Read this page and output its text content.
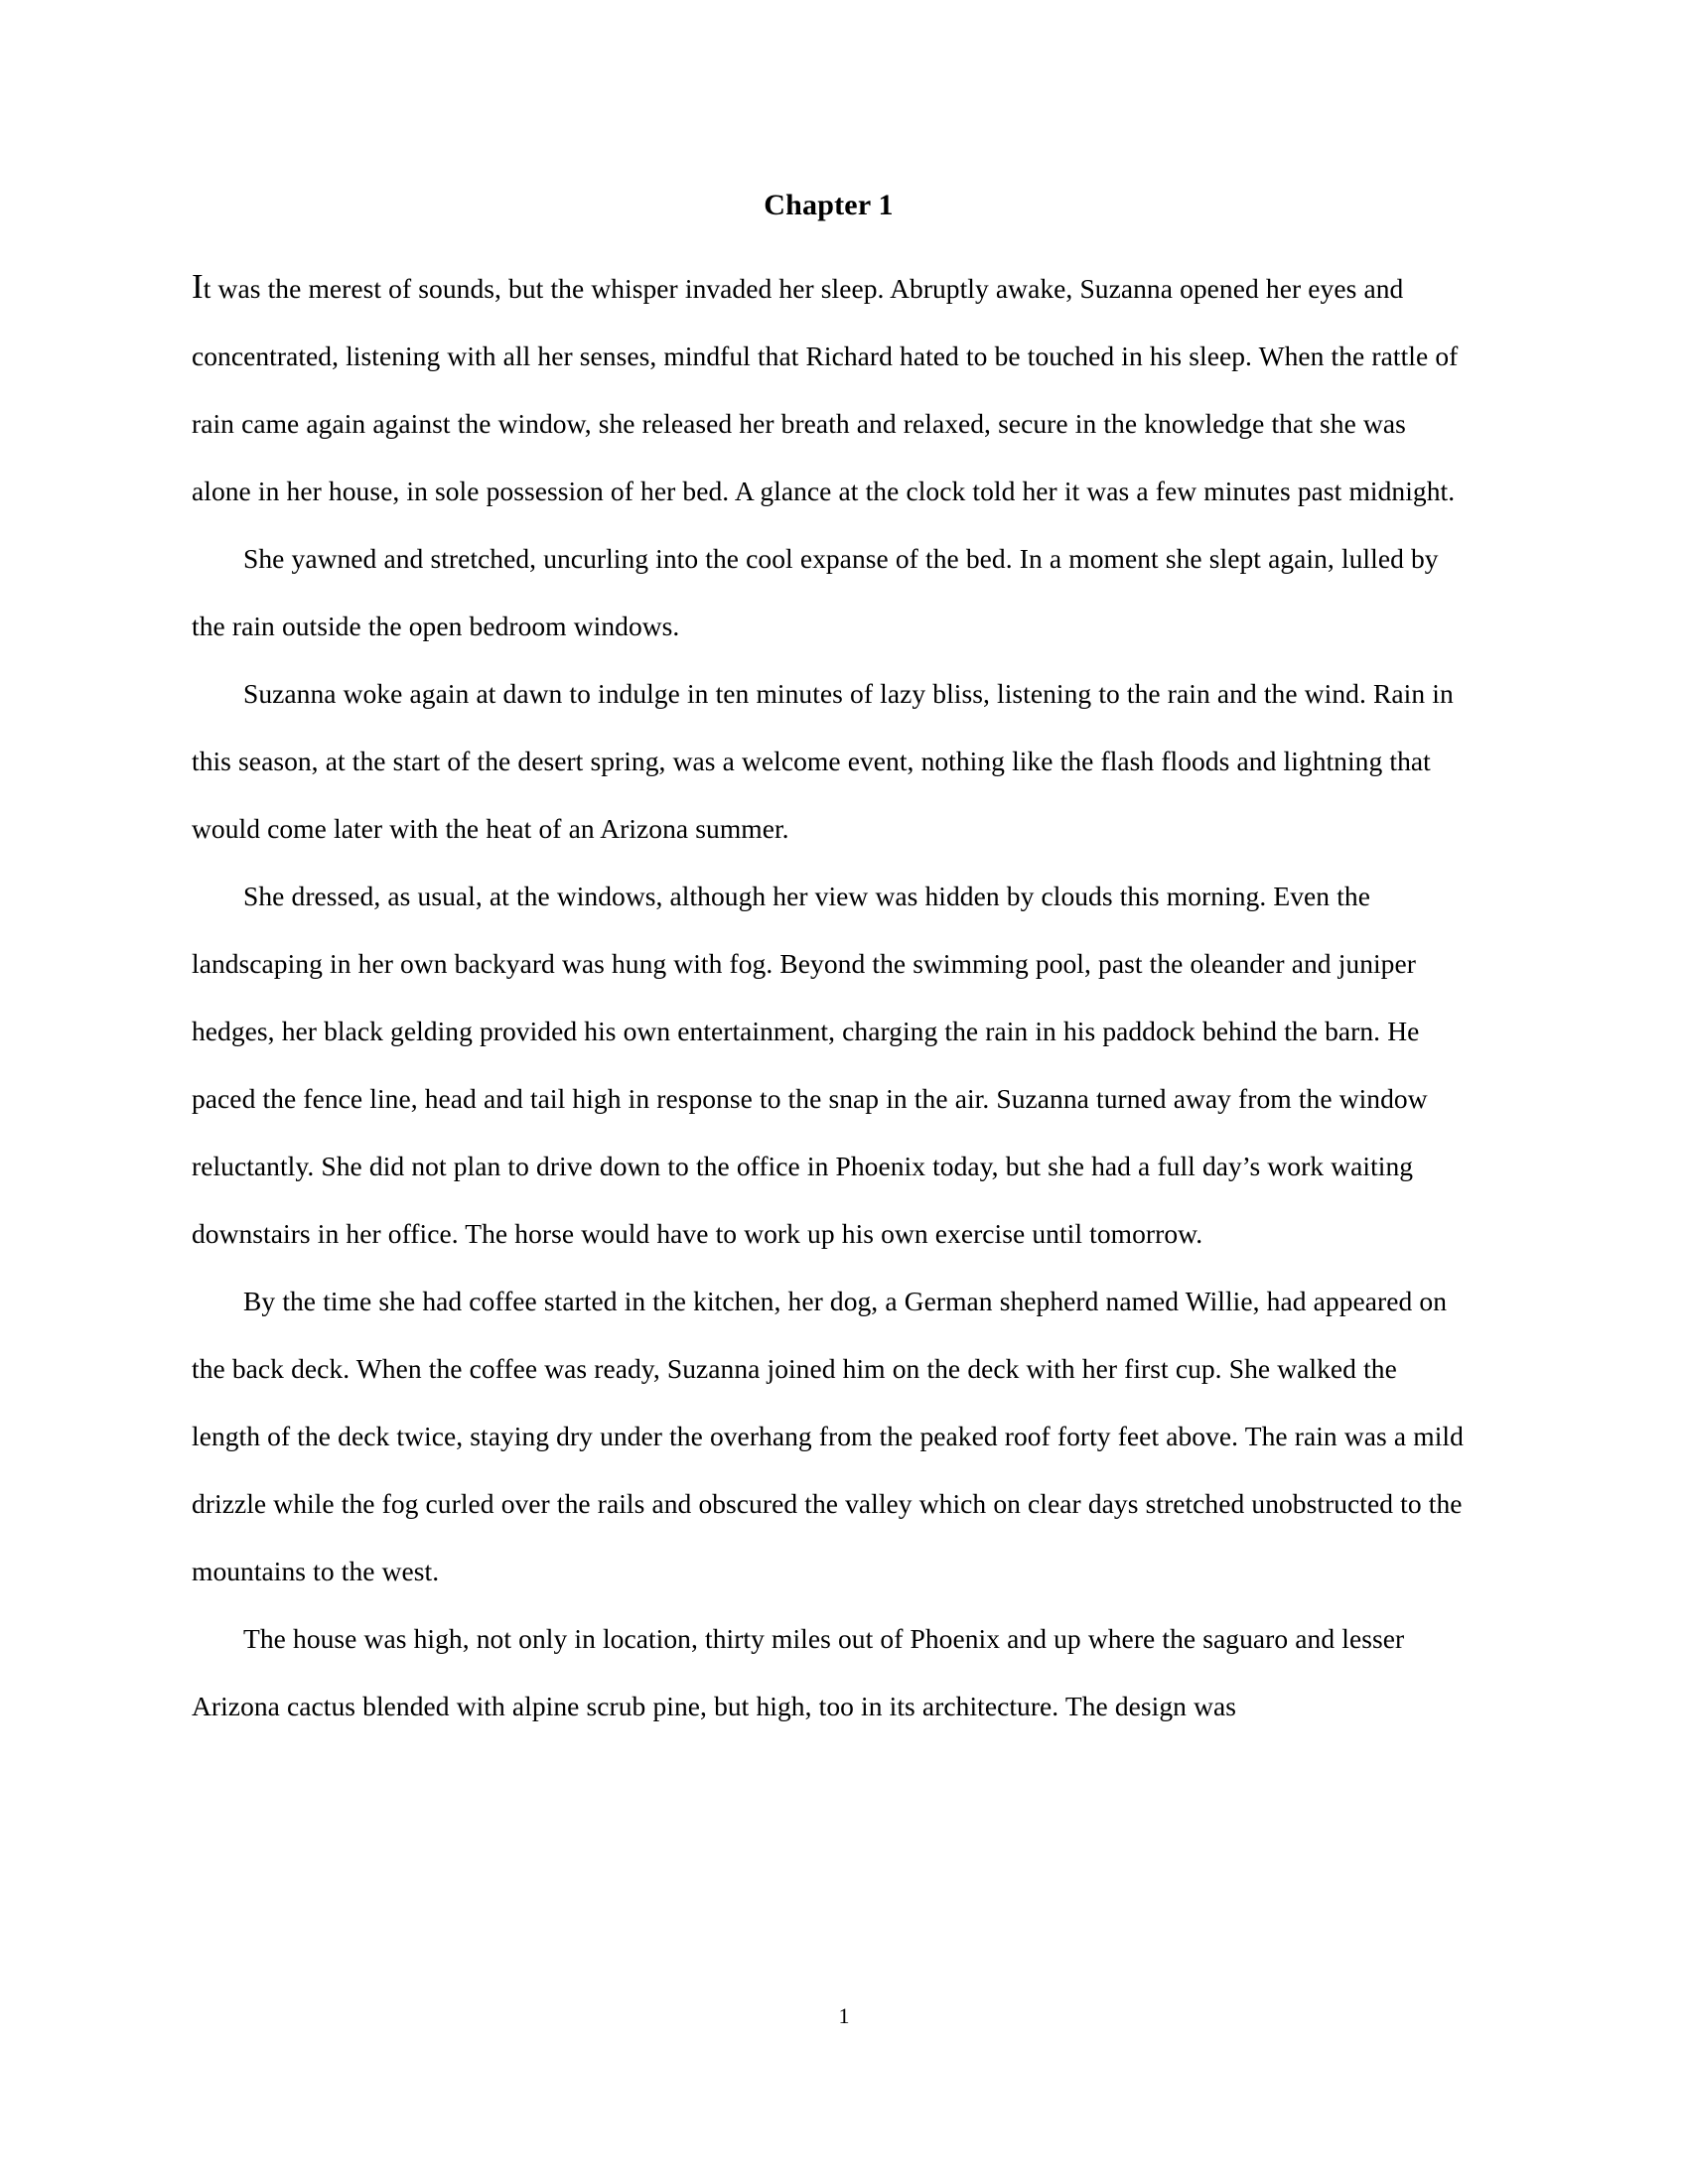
Chapter 1

It was the merest of sounds, but the whisper invaded her sleep. Abruptly awake, Suzanna opened her eyes and concentrated, listening with all her senses, mindful that Richard hated to be touched in his sleep. When the rattle of rain came again against the window, she released her breath and relaxed, secure in the knowledge that she was alone in her house, in sole possession of her bed. A glance at the clock told her it was a few minutes past midnight.

She yawned and stretched, uncurling into the cool expanse of the bed. In a moment she slept again, lulled by the rain outside the open bedroom windows.

Suzanna woke again at dawn to indulge in ten minutes of lazy bliss, listening to the rain and the wind. Rain in this season, at the start of the desert spring, was a welcome event, nothing like the flash floods and lightning that would come later with the heat of an Arizona summer.

She dressed, as usual, at the windows, although her view was hidden by clouds this morning. Even the landscaping in her own backyard was hung with fog. Beyond the swimming pool, past the oleander and juniper hedges, her black gelding provided his own entertainment, charging the rain in his paddock behind the barn. He paced the fence line, head and tail high in response to the snap in the air. Suzanna turned away from the window reluctantly. She did not plan to drive down to the office in Phoenix today, but she had a full day’s work waiting downstairs in her office. The horse would have to work up his own exercise until tomorrow.

By the time she had coffee started in the kitchen, her dog, a German shepherd named Willie, had appeared on the back deck. When the coffee was ready, Suzanna joined him on the deck with her first cup. She walked the length of the deck twice, staying dry under the overhang from the peaked roof forty feet above. The rain was a mild drizzle while the fog curled over the rails and obscured the valley which on clear days stretched unobstructed to the mountains to the west.

The house was high, not only in location, thirty miles out of Phoenix and up where the saguaro and lesser Arizona cactus blended with alpine scrub pine, but high, too in its architecture. The design was

1
